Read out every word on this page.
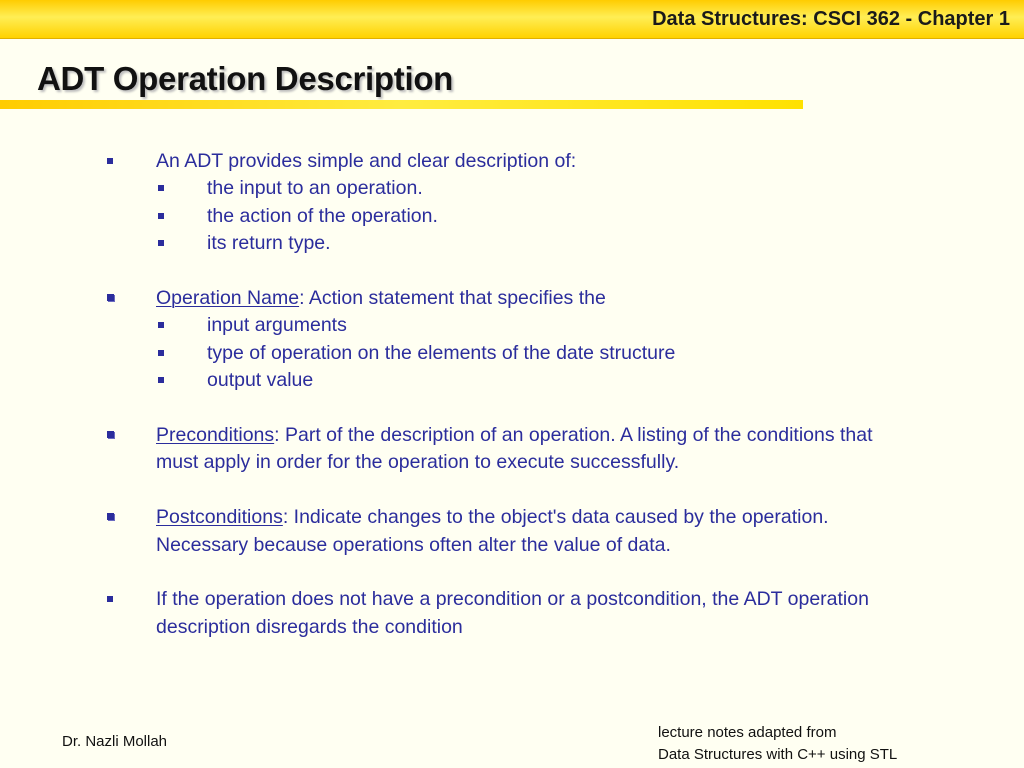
Data Structures: CSCI 362 - Chapter 1
ADT Operation Description
An ADT provides simple and clear description of:
the input to an operation.
the action of the operation.
its return type.
Operation Name: Action statement that specifies the
input arguments
type of operation on the elements of the date structure
output value
Preconditions: Part of the description of an operation. A listing of the conditions that must apply in order for the operation to execute successfully.
Postconditions: Indicate changes to the object's data caused by the operation. Necessary because operations often alter the value of data.
If the operation does not have a precondition or a postcondition, the ADT operation description disregards the condition
Dr. Nazli Mollah
lecture notes adapted from
Data Structures with C++ using STL
